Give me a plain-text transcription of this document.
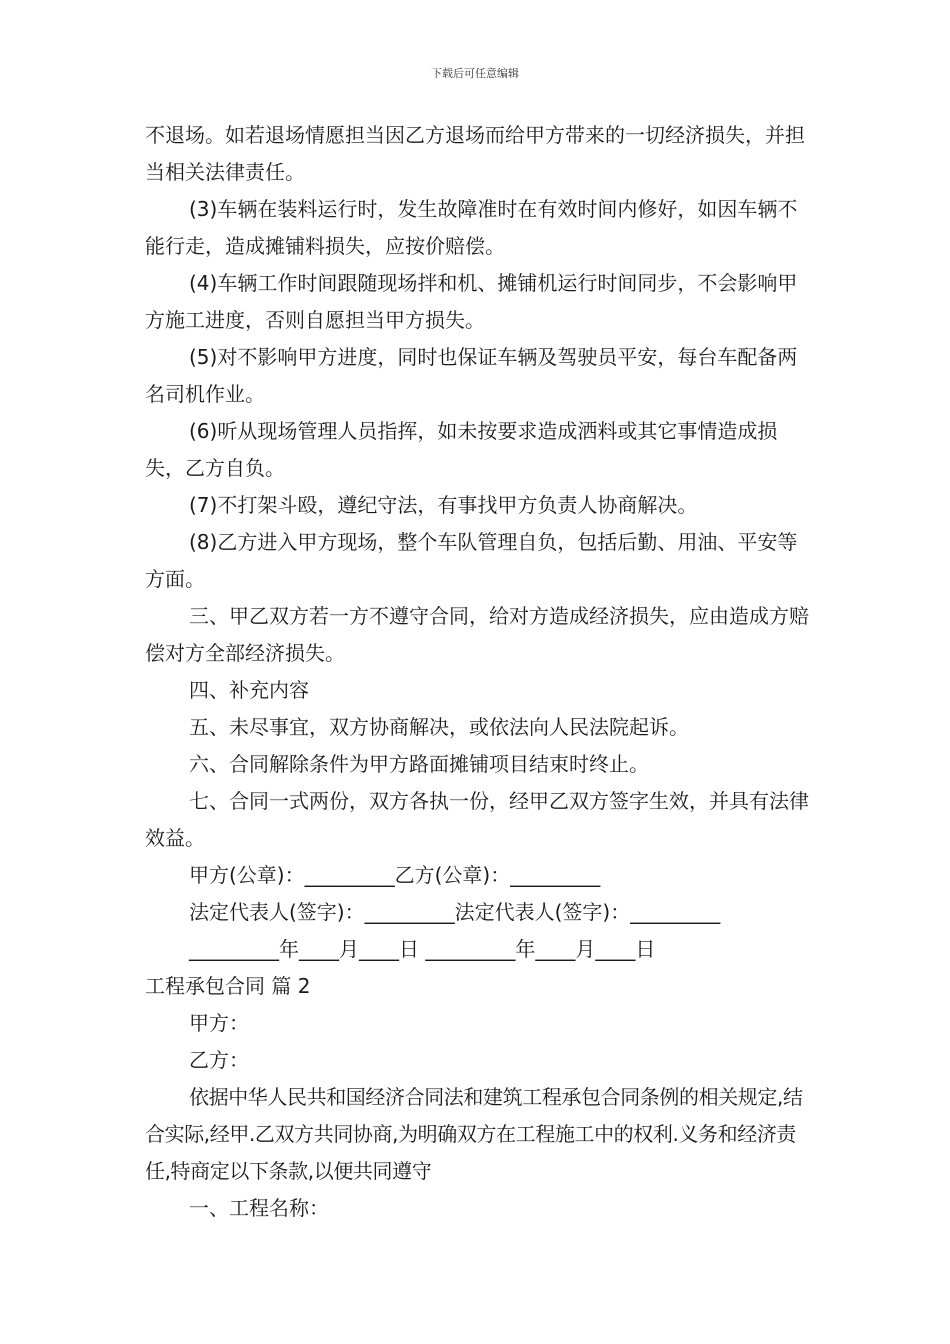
下载后可任意编辑

不退场。如若退场情愿担当因乙方退场而给甲方带来的一切经济损失，并担当相关法律责任。

(3)车辆在装料运行时，发生故障准时在有效时间内修好，如因车辆不能行走，造成摊铺料损失，应按价赔偿。

(4)车辆工作时间跟随现场拌和机、摊铺机运行时间同步，不会影响甲方施工进度，否则自愿担当甲方损失。

(5)对不影响甲方进度，同时也保证车辆及驾驶员平安，每台车配备两名司机作业。

(6)听从现场管理人员指挥，如未按要求造成洒料或其它事情造成损失，乙方自负。

(7)不打架斗殴，遵纪守法，有事找甲方负责人协商解决。

(8)乙方进入甲方现场，整个车队管理自负，包括后勤、用油、平安等方面。

三、甲乙双方若一方不遵守合同，给对方造成经济损失，应由造成方赔偿对方全部经济损失。

四、补充内容

五、未尽事宜，双方协商解决，或依法向人民法院起诉。

六、合同解除条件为甲方路面摊铺项目结束时终止。

七、合同一式两份，双方各执一份，经甲乙双方签字生效，并具有法律效益。

甲方(公章)：_________乙方(公章)：_________

法定代表人(签字)：_________法定代表人(签字)：_________

_________年____月____日 _________年____月____日

工程承包合同 篇 2

甲方：

乙方：

依据中华人民共和国经济合同法和建筑工程承包合同条例的相关规定,结合实际,经甲.乙双方共同协商,为明确双方在工程施工中的权利.义务和经济责任,特商定以下条款,以便共同遵守

一、工程名称：
